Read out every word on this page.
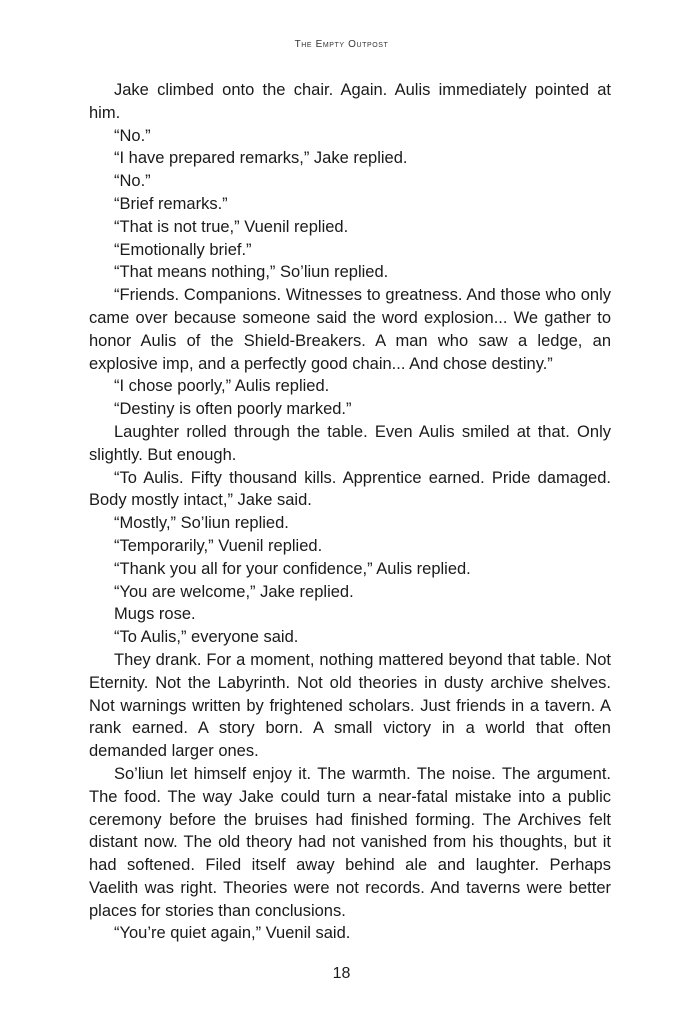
The Empty Outpost

Jake climbed onto the chair. Again. Aulis immediately pointed at him.

“No.”

“I have prepared remarks,” Jake replied.

“No.”

“Brief remarks.”

“That is not true,” Vuenil replied.

“Emotionally brief.”

“That means nothing,” So’liun replied.

“Friends. Companions. Witnesses to greatness. And those who only came over because someone said the word explosion... We gather to honor Aulis of the Shield-Breakers. A man who saw a ledge, an explosive imp, and a perfectly good chain... And chose destiny.”

“I chose poorly,” Aulis replied.

“Destiny is often poorly marked.”

Laughter rolled through the table. Even Aulis smiled at that. Only slightly. But enough.

“To Aulis. Fifty thousand kills. Apprentice earned. Pride damaged. Body mostly intact,” Jake said.

“Mostly,” So’liun replied.

“Temporarily,” Vuenil replied.

“Thank you all for your confidence,” Aulis replied.

“You are welcome,” Jake replied.

Mugs rose.

“To Aulis,” everyone said.

They drank. For a moment, nothing mattered beyond that table. Not Eternity. Not the Labyrinth. Not old theories in dusty archive shelves. Not warnings written by frightened scholars. Just friends in a tavern. A rank earned. A story born. A small victory in a world that often demanded larger ones.

So’liun let himself enjoy it. The warmth. The noise. The argument. The food. The way Jake could turn a near-fatal mistake into a public ceremony before the bruises had finished forming. The Archives felt distant now. The old theory had not vanished from his thoughts, but it had softened. Filed itself away behind ale and laughter. Perhaps Vaelith was right. Theories were not records. And taverns were better places for stories than conclusions.

“You’re quiet again,” Vuenil said.

18
